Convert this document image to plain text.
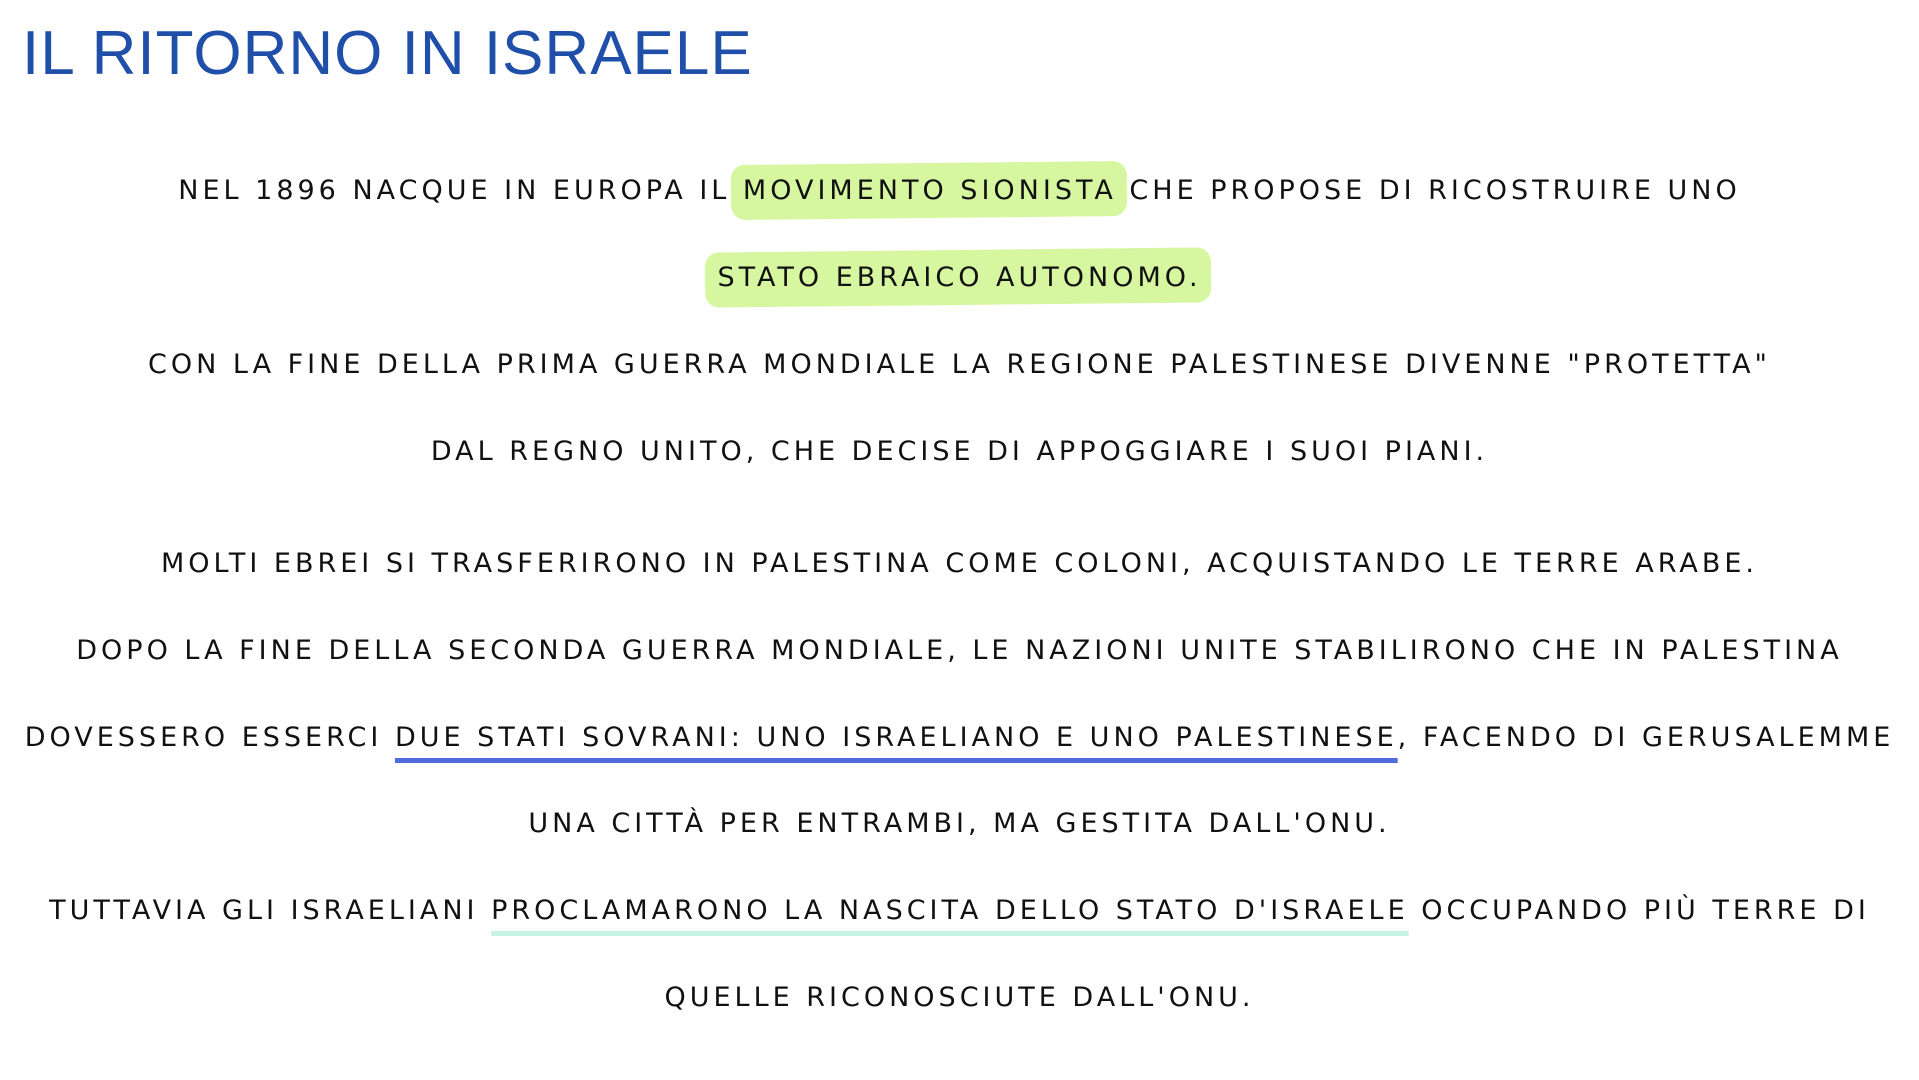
IL RITORNO IN ISRAELE
NEL 1896 NACQUE IN EUROPA IL MOVIMENTO SIONISTA CHE PROPOSE DI RICOSTRUIRE UNO
STATO EBRAICO AUTONOMO.
CON LA FINE DELLA PRIMA GUERRA MONDIALE LA REGIONE PALESTINESE DIVENNE "PROTETTA"
DAL REGNO UNITO, CHE DECISE DI APPOGGIARE I SUOI PIANI.
MOLTI EBREI SI TRASFERIRONO IN PALESTINA COME COLONI, ACQUISTANDO LE TERRE ARABE.
DOPO LA FINE DELLA SECONDA GUERRA MONDIALE, LE NAZIONI UNITE STABILIRONO CHE IN PALESTINA
DOVESSERO ESSERCI DUE STATI SOVRANI: UNO ISRAELIANO E UNO PALESTINESE, FACENDO DI GERUSALEMME
UNA CITTÀ PER ENTRAMBI, MA GESTITA DALL'ONU.
TUTTAVIA GLI ISRAELIANI PROCLAMARONO LA NASCITA DELLO STATO D'ISRAELE OCCUPANDO PIÙ TERRE DI
QUELLE RICONOSCIUTE DALL'ONU.
